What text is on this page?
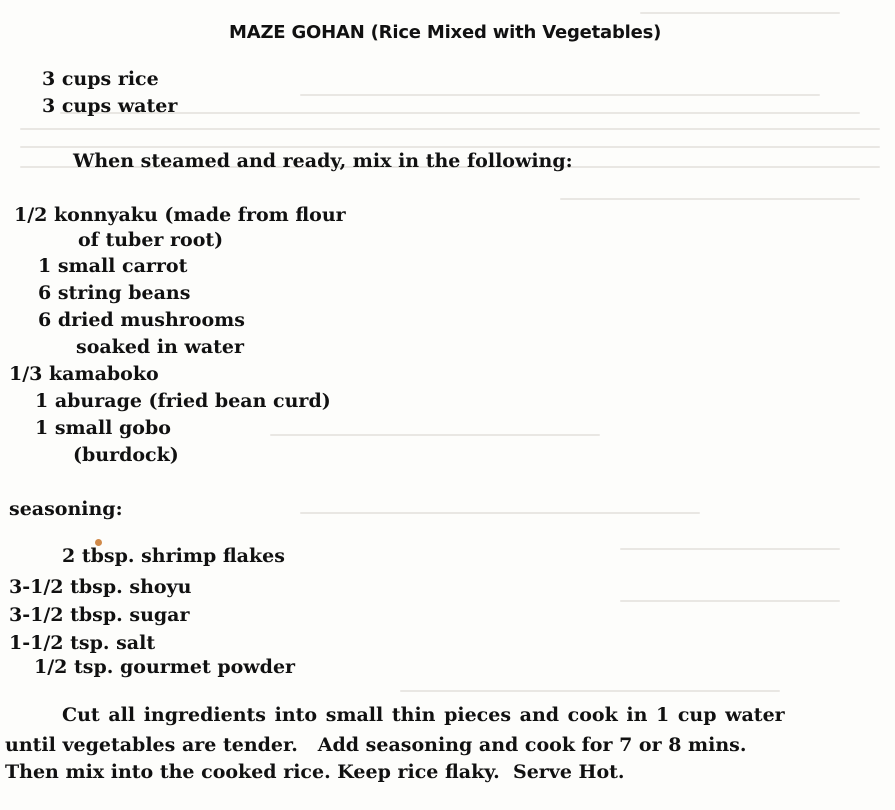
MAZE GOHAN (Rice Mixed with Vegetables)
3 cups rice
3 cups water
When steamed and ready, mix in the following:
1/2 konnyaku (made from flour
of tuber root)
1 small carrot
6 string beans
6 dried mushrooms
soaked in water
1/3 kamaboko
1 aburage (fried bean curd)
1 small gobo
(burdock)
seasoning:
2 tbsp. shrimp flakes
3-1/2 tbsp. shoyu
3-1/2 tbsp. sugar
1-1/2 tsp. salt
1/2 tsp. gourmet powder
Cut all ingredients into small thin pieces and cook in 1 cup water
until vegetables are tender.   Add seasoning and cook for 7 or 8 mins.
Then mix into the cooked rice. Keep rice flaky.  Serve Hot.
